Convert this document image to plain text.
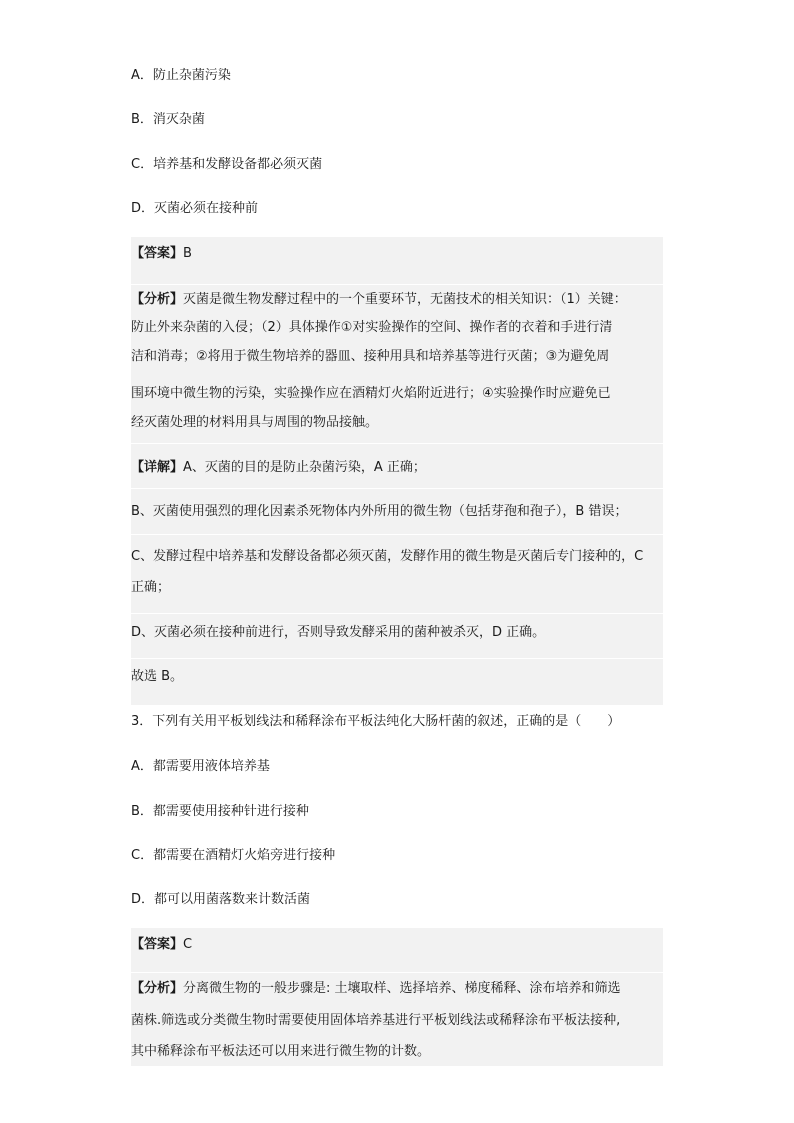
A．防止杂菌污染
B．消灭杂菌
C．培养基和发酵设备都必须灭菌
D．灭菌必须在接种前
【答案】B
【分析】灭菌是微生物发酵过程中的一个重要环节，无菌技术的相关知识：（1）关键：
防止外来杂菌的入侵；（2）具体操作①对实验操作的空间、操作者的衣着和手进行清
洁和消毒；②将用于微生物培养的器皿、接种用具和培养基等进行灭菌；③为避免周
围环境中微生物的污染，实验操作应在酒精灯火焰附近进行；④实验操作时应避免已
经灭菌处理的材料用具与周围的物品接触。
【详解】A、灭菌的目的是防止杂菌污染，A 正确；
B、灭菌使用强烈的理化因素杀死物体内外所用的微生物（包括芽孢和孢子），B 错误；
C、发酵过程中培养基和发酵设备都必须灭菌，发酵作用的微生物是灭菌后专门接种的，C
正确；
D、灭菌必须在接种前进行，否则导致发酵采用的菌种被杀灭，D 正确。
故选 B。
3．下列有关用平板划线法和稀释涂布平板法纯化大肠杆菌的叙述，正确的是（　　）
A．都需要用液体培养基
B．都需要使用接种针进行接种
C．都需要在酒精灯火焰旁进行接种
D．都可以用菌落数来计数活菌
【答案】C
【分析】分离微生物的一般步骤是: 土壤取样、选择培养、梯度稀释、涂布培养和筛选
菌株.筛选或分类微生物时需要使用固体培养基进行平板划线法或稀释涂布平板法接种,
其中稀释涂布平板法还可以用来进行微生物的计数。
